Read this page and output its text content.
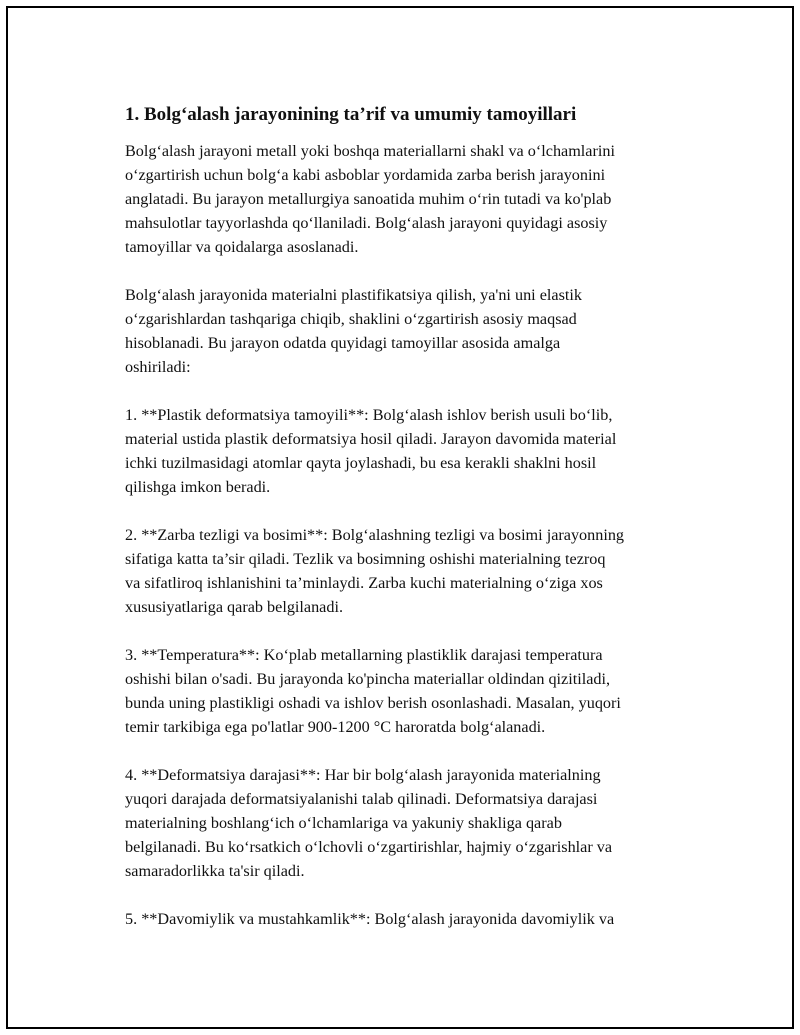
1. Bolg‘alash jarayonining ta’rif va umumiy tamoyillari

Bolg‘alash jarayoni metall yoki boshqa materiallarni shakl va o‘lchamlarini
o‘zgartirish uchun bolg‘a kabi asboblar yordamida zarba berish jarayonini
anglatadi. Bu jarayon metallurgiya sanoatida muhim o‘rin tutadi va ko'plab
mahsulotlar tayyorlashda qo‘llaniladi. Bolg‘alash jarayoni quyidagi asosiy
tamoyillar va qoidalarga asoslanadi.

Bolg‘alash jarayonida materialni plastifikatsiya qilish, ya'ni uni elastik
o‘zgarishlardan tashqariga chiqib, shaklini o‘zgartirish asosiy maqsad
hisoblanadi. Bu jarayon odatda quyidagi tamoyillar asosida amalga
oshiriladi:

1. **Plastik deformatsiya tamoyili**: Bolg‘alash ishlov berish usuli bo‘lib,
material ustida plastik deformatsiya hosil qiladi. Jarayon davomida material
ichki tuzilmasidagi atomlar qayta joylashadi, bu esa kerakli shaklni hosil
qilishga imkon beradi.

2. **Zarba tezligi va bosimi**: Bolg‘alashning tezligi va bosimi jarayonning
sifatiga katta ta’sir qiladi. Tezlik va bosimning oshishi materialning tezroq
va sifatliroq ishlanishini ta’minlaydi. Zarba kuchi materialning o‘ziga xos
xususiyatlariga qarab belgilanadi.

3. **Temperatura**: Ko‘plab metallarning plastiklik darajasi temperatura
oshishi bilan o'sadi. Bu jarayonda ko'pincha materiallar oldindan qizitiladi,
bunda uning plastikligi oshadi va ishlov berish osonlashadi. Masalan, yuqori
temir tarkibiga ega po'latlar 900-1200 °C haroratda bolg‘alanadi.

4. **Deformatsiya darajasi**: Har bir bolg‘alash jarayonida materialning
yuqori darajada deformatsiyalanishi talab qilinadi. Deformatsiya darajasi
materialning boshlang‘ich o‘lchamlariga va yakuniy shakliga qarab
belgilanadi. Bu ko‘rsatkich o‘lchovli o‘zgartirishlar, hajmiy o‘zgarishlar va
samaradorlikka ta'sir qiladi.

5. **Davomiylik va mustahkamlik**: Bolg‘alash jarayonida davomiylik va
